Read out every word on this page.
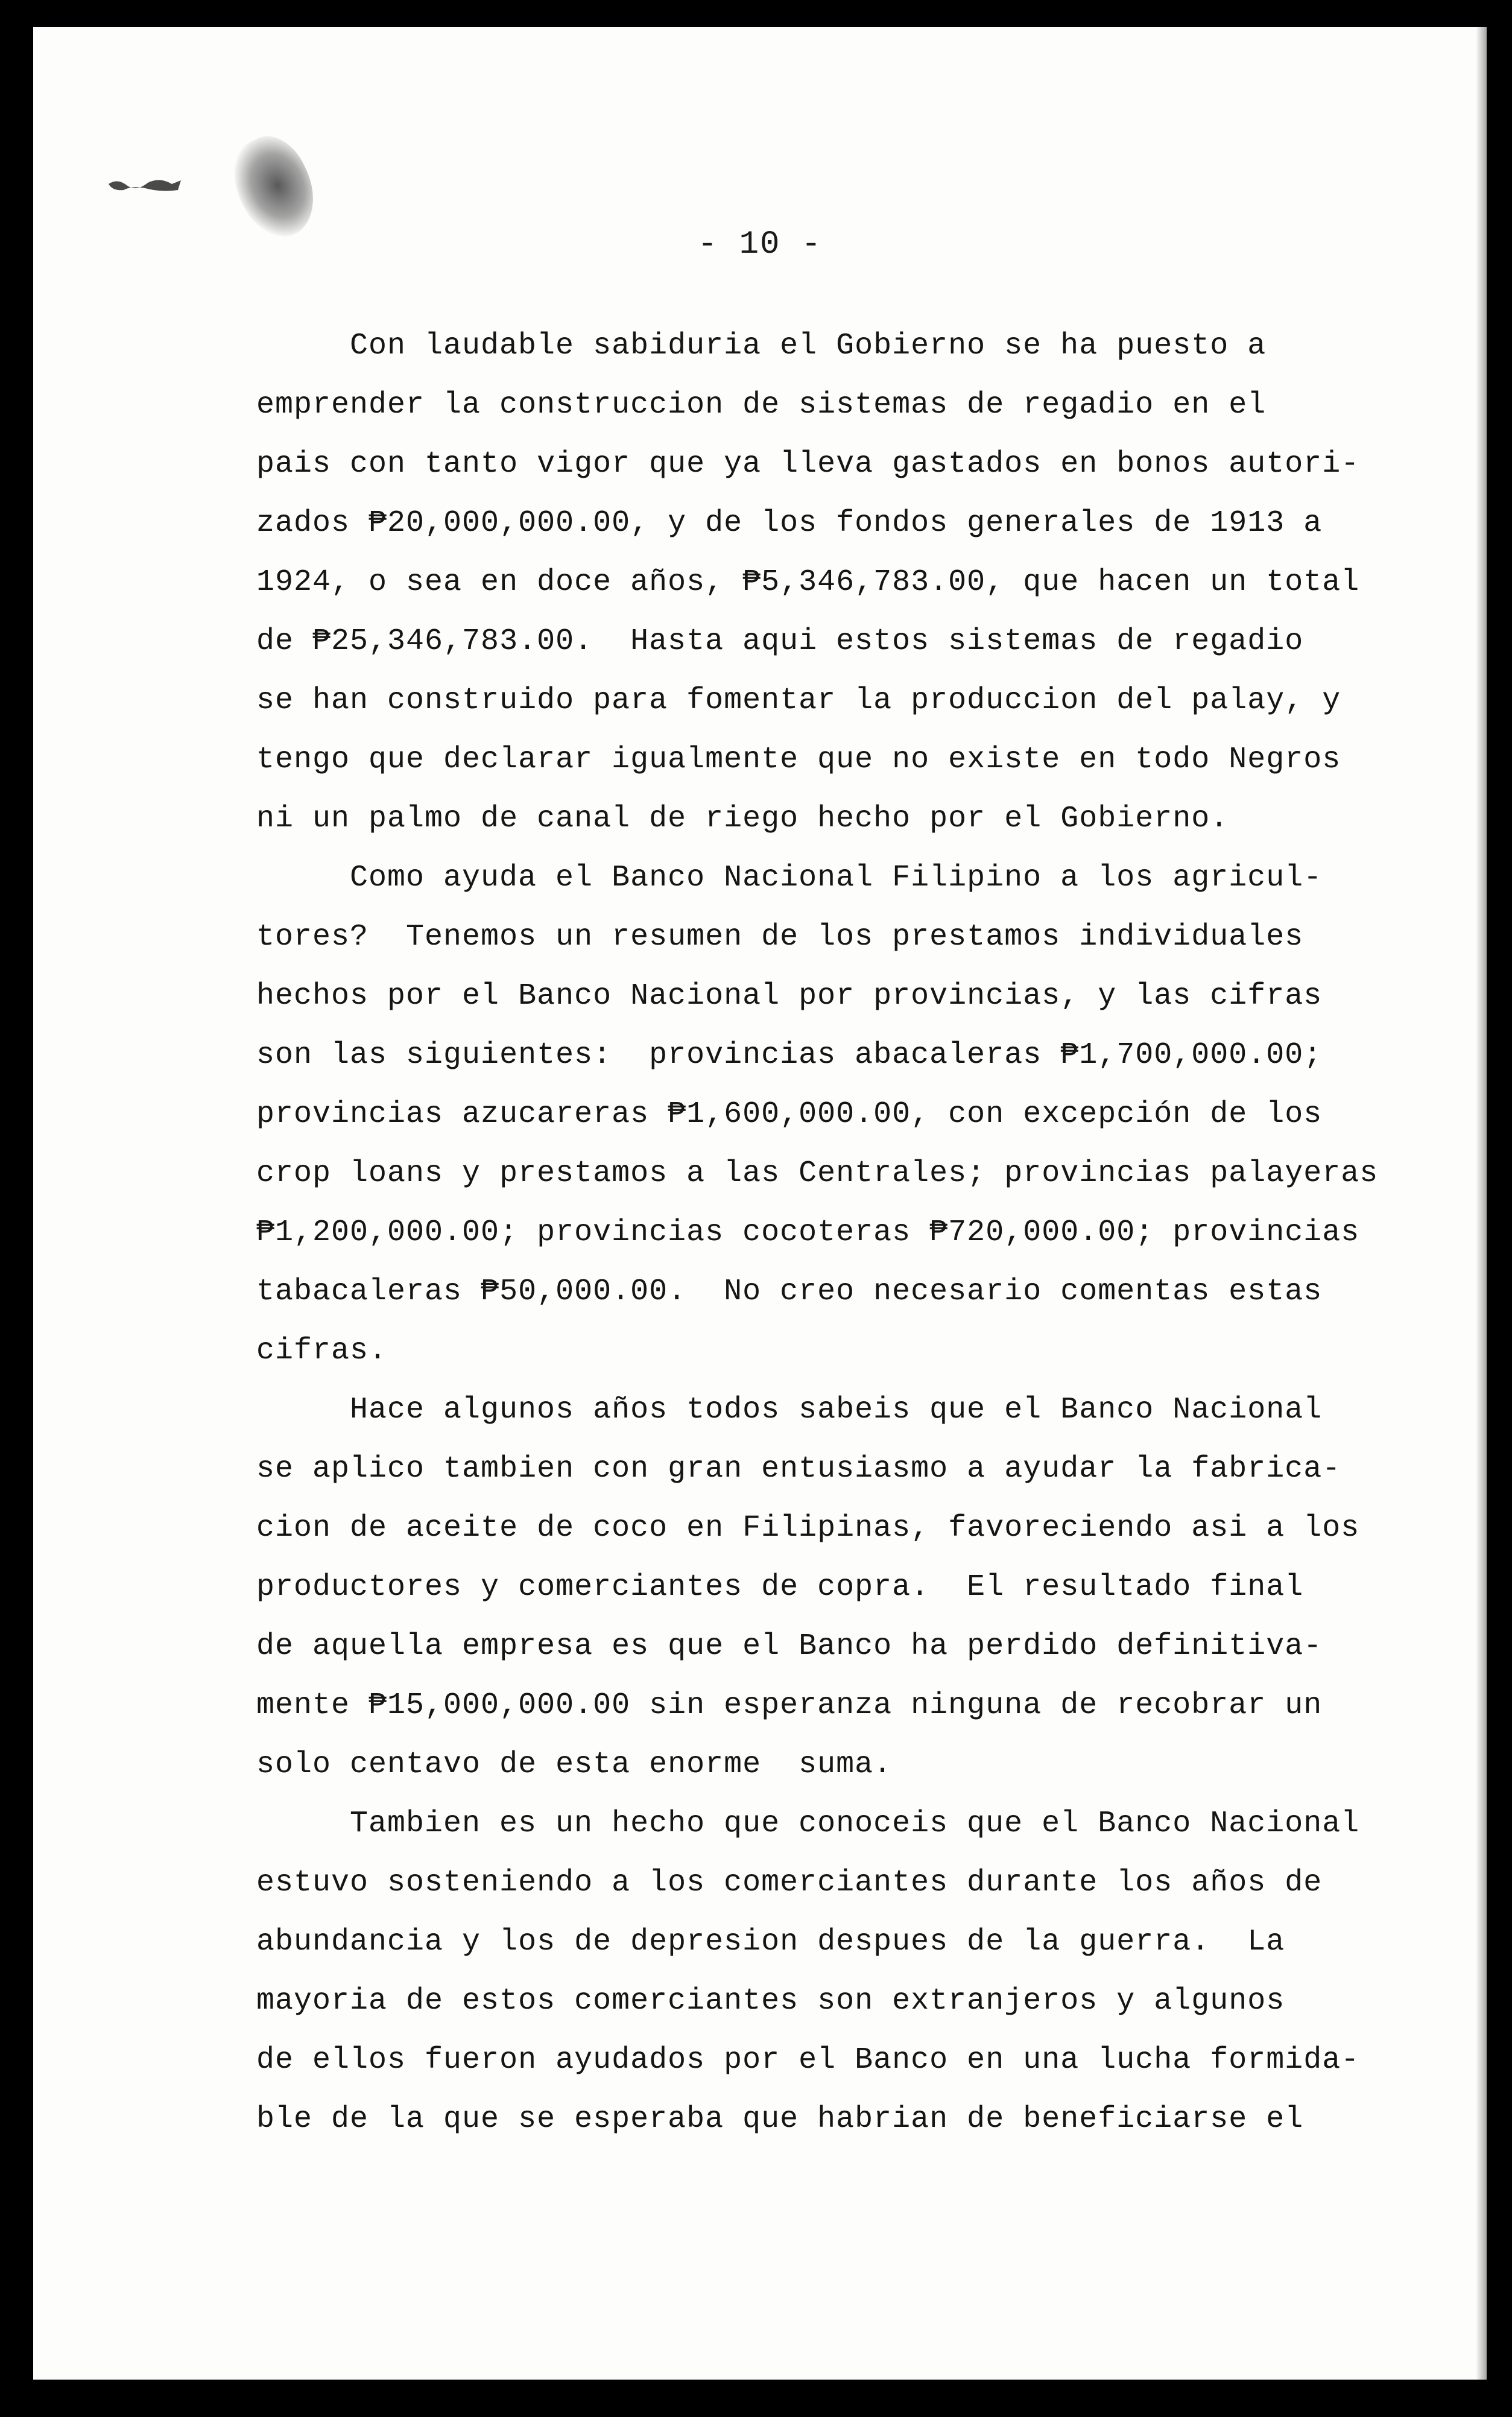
- 10 -
Con laudable sabiduria el Gobierno se ha puesto a
emprender la construccion de sistemas de regadio en el
pais con tanto vigor que ya lleva gastados en bonos autori-
zados ₱20,000,000.00, y de los fondos generales de 1913 a
1924, o sea en doce años, ₱5,346,783.00, que hacen un total
de ₱25,346,783.00.  Hasta aqui estos sistemas de regadio
se han construido para fomentar la produccion del palay, y
tengo que declarar igualmente que no existe en todo Negros
ni un palmo de canal de riego hecho por el Gobierno.
Como ayuda el Banco Nacional Filipino a los agricul-
tores?  Tenemos un resumen de los prestamos individuales
hechos por el Banco Nacional por provincias, y las cifras
son las siguientes:  provincias abacaleras ₱1,700,000.00;
provincias azucareras ₱1,600,000.00, con excepción de los
crop loans y prestamos a las Centrales; provincias palayeras
₱1,200,000.00; provincias cocoteras ₱720,000.00; provincias
tabacaleras ₱50,000.00.  No creo necesario comentas estas
cifras.
Hace algunos años todos sabeis que el Banco Nacional
se aplico tambien con gran entusiasmo a ayudar la fabrica-
cion de aceite de coco en Filipinas, favoreciendo asi a los
productores y comerciantes de copra.  El resultado final
de aquella empresa es que el Banco ha perdido definitiva-
mente ₱15,000,000.00 sin esperanza ninguna de recobrar un
solo centavo de esta enorme  suma.
Tambien es un hecho que conoceis que el Banco Nacional
estuvo sosteniendo a los comerciantes durante los años de
abundancia y los de depresion despues de la guerra.  La
mayoria de estos comerciantes son extranjeros y algunos
de ellos fueron ayudados por el Banco en una lucha formida-
ble de la que se esperaba que habrian de beneficiarse el
